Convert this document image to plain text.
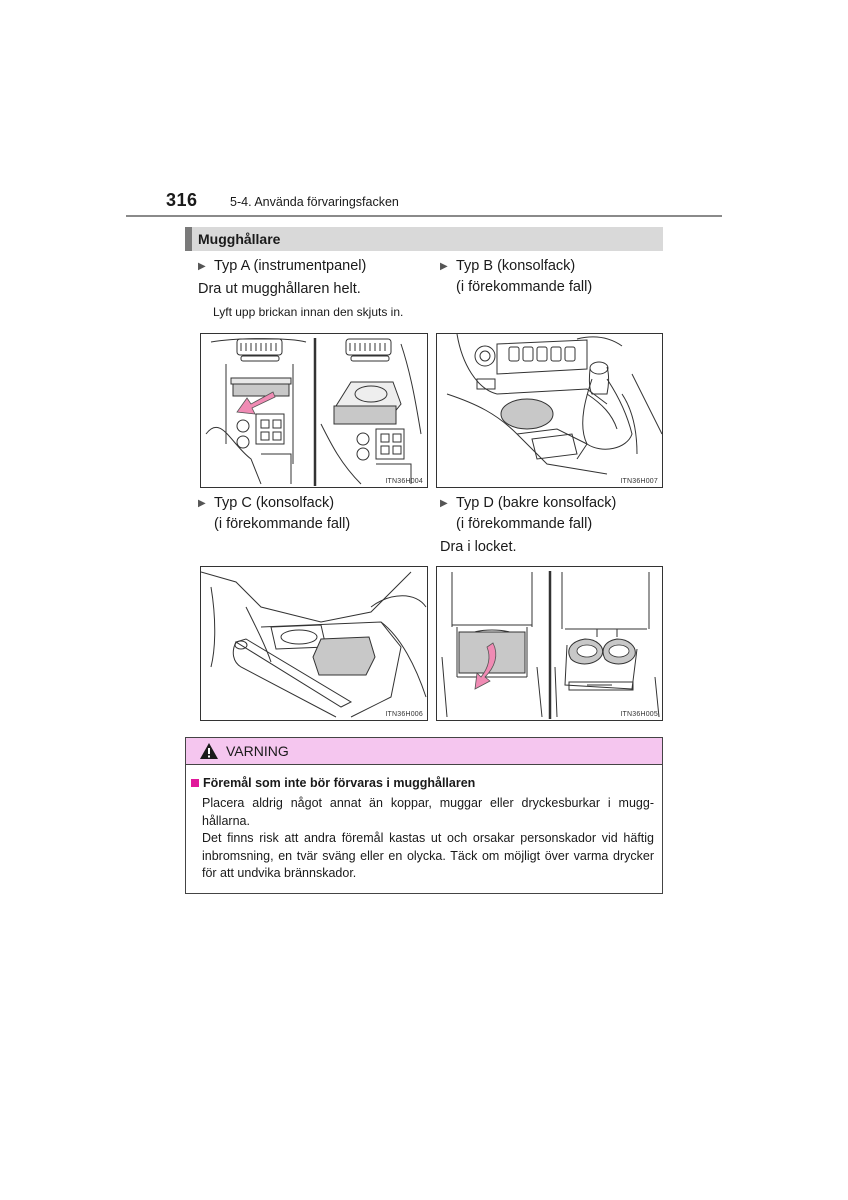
316	5-4. Använda förvaringsfacken
Mugghållare
▶ Typ A (instrumentpanel)
Dra ut mugghållaren helt.
Lyft upp brickan innan den skjuts in.
▶ Typ B (konsolfack)
(i förekommande fall)
ITN36H004	ITN36H007
▶ Typ C (konsolfack)
(i förekommande fall)
▶ Typ D (bakre konsolfack)
(i förekommande fall)
Dra i locket.
ITN36H006	ITN36H005
VARNING
Föremål som inte bör förvaras i mugghållaren

Placera aldrig något annat än koppar, muggar eller dryckesburkar i mugg-hållarna.

Det finns risk att andra föremål kastas ut och orsakar personskador vid häftig inbromsning, en tvär sväng eller en olycka. Täck om möjligt över varma drycker för att undvika brännskador.
